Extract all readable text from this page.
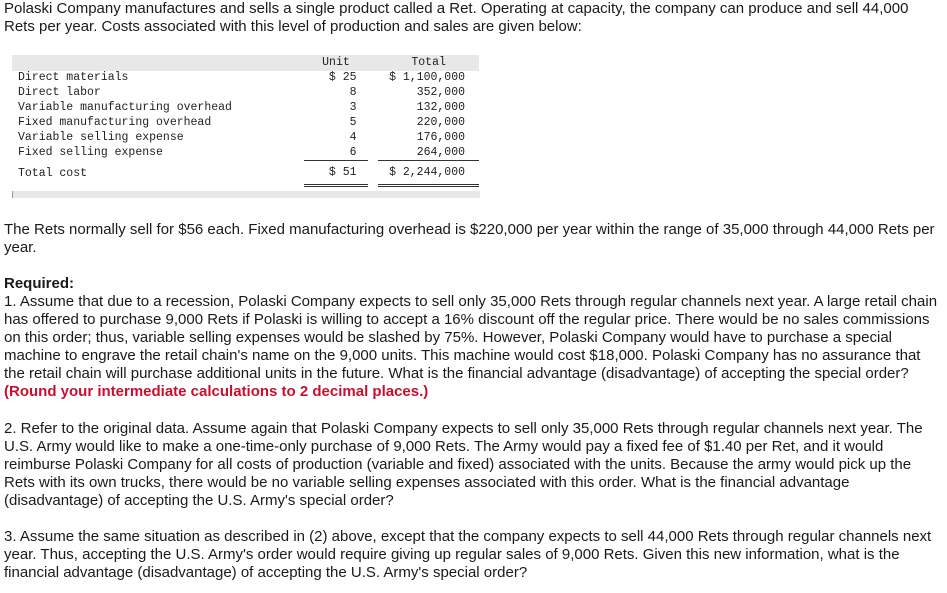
Polaski Company manufactures and sells a single product called a Ret. Operating at capacity, the company can produce and sell 44,000 Rets per year. Costs associated with this level of production and sales are given below:

	Unit		Total
Direct materials	$ 25		$ 1,100,000
Direct labor	8		352,000
Variable manufacturing overhead	3		132,000
Fixed manufacturing overhead	5		220,000
Variable selling expense	4		176,000
Fixed selling expense	6		264,000
Total cost	$ 51		$ 2,244,000

The Rets normally sell for $56 each. Fixed manufacturing overhead is $220,000 per year within the range of 35,000 through 44,000 Rets per year.

Required:

1. Assume that due to a recession, Polaski Company expects to sell only 35,000 Rets through regular channels next year. A large retail chain has offered to purchase 9,000 Rets if Polaski is willing to accept a 16% discount off the regular price. There would be no sales commissions on this order; thus, variable selling expenses would be slashed by 75%. However, Polaski Company would have to purchase a special machine to engrave the retail chain's name on the 9,000 units. This machine would cost $18,000. Polaski Company has no assurance that the retail chain will purchase additional units in the future. What is the financial advantage (disadvantage) of accepting the special order? (Round your intermediate calculations to 2 decimal places.)

2. Refer to the original data. Assume again that Polaski Company expects to sell only 35,000 Rets through regular channels next year. The U.S. Army would like to make a one-time-only purchase of 9,000 Rets. The Army would pay a fixed fee of $1.40 per Ret, and it would reimburse Polaski Company for all costs of production (variable and fixed) associated with the units. Because the army would pick up the Rets with its own trucks, there would be no variable selling expenses associated with this order. What is the financial advantage (disadvantage) of accepting the U.S. Army's special order?

3. Assume the same situation as described in (2) above, except that the company expects to sell 44,000 Rets through regular channels next year. Thus, accepting the U.S. Army's order would require giving up regular sales of 9,000 Rets. Given this new information, what is the financial advantage (disadvantage) of accepting the U.S. Army's special order?
